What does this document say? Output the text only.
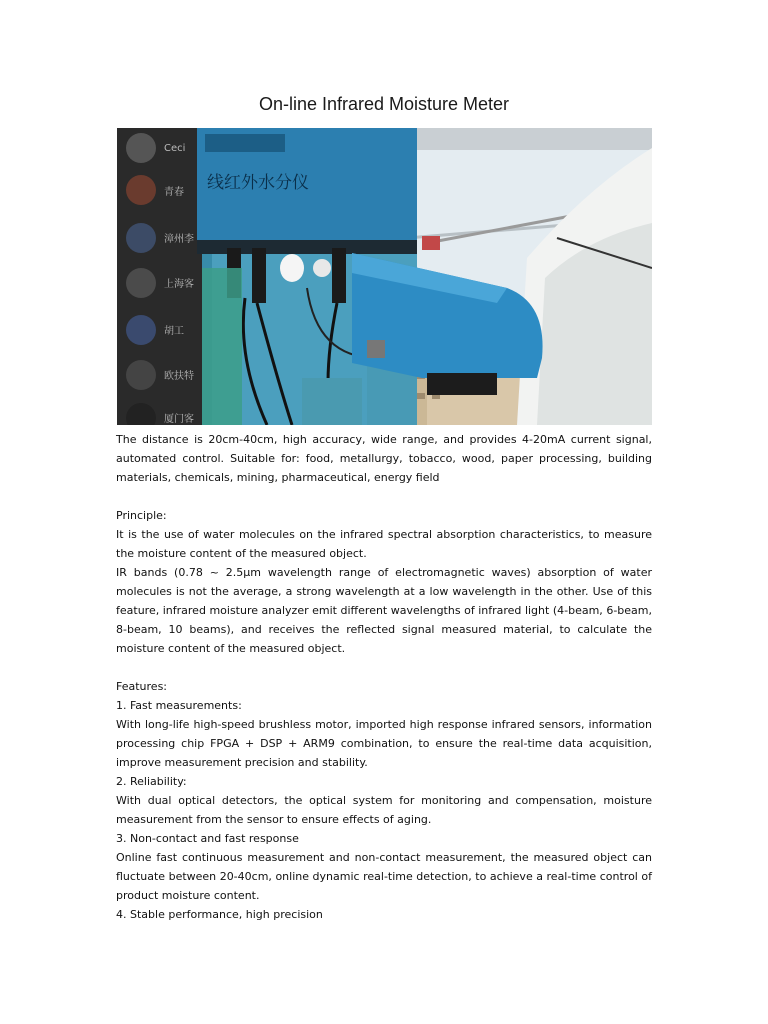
On-line Infrared Moisture Meter
Ceci
青春
漳州李
上海客
胡工
欧扶特
厦门客
线红外水分仪

The distance is 20cm-40cm, high accuracy, wide range, and provides 4-20mA current signal, automated control. Suitable for: food, metallurgy, tobacco, wood, paper processing, building materials, chemicals, mining, pharmaceutical, energy field

Principle:

It is the use of water molecules on the infrared spectral absorption characteristics, to measure the moisture content of the measured object.

IR bands (0.78 ~ 2.5μm wavelength range of electromagnetic waves) absorption of water molecules is not the average, a strong wavelength at a low wavelength in the other. Use of this feature, infrared moisture analyzer emit different wavelengths of infrared light (4-beam, 6-beam, 8-beam, 10 beams), and receives the reflected signal measured material, to calculate the moisture content of the measured object.

Features:

1. Fast measurements:

With long-life high-speed brushless motor, imported high response infrared sensors, information processing chip FPGA + DSP + ARM9 combination, to ensure the real-time data acquisition, improve measurement precision and stability.

2. Reliability:

With dual optical detectors, the optical system for monitoring and compensation, moisture measurement from the sensor to ensure effects of aging.

3. Non-contact and fast response

Online fast continuous measurement and non-contact measurement, the measured object can fluctuate between 20-40cm, online dynamic real-time detection, to achieve a real-time control of product moisture content.

4. Stable performance, high precision
